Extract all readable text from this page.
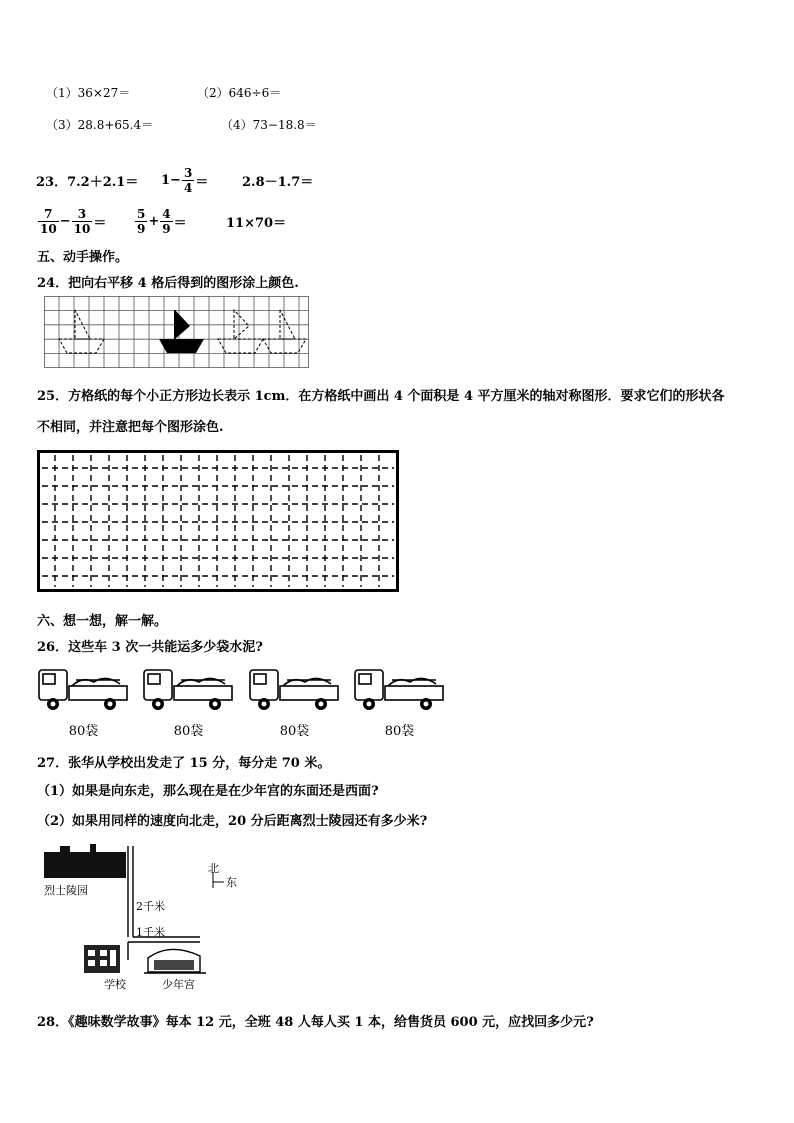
（1）36×27＝	（2）646÷6＝
（3）28.8+65.4＝	（4）73−18.8＝
23． $7.2+2.1= 1- \frac{3}{4}$ ＝	2.8－1.7＝
$\frac{7}{10} - \frac{3}{10} = \frac{5}{9} + \frac{4}{9}$ ＝	11×70＝
五、动手操作。
24．把向右平移 4 格后得到的图形涂上颜色.
25．方格纸的每个小正方形边长表示 1cm．在方格纸中画出 4 个面积是 4 平方厘米的轴对称图形．要求它们的形状各
不相同，并注意把每个图形涂色.
六、想一想，解一解。
26．这些车 3 次一共能运多少袋水泥?
80袋	80袋	80袋	80袋
27．张华从学校出发走了 15 分，每分走 70 米。
（1）如果是向东走，那么现在是在少年宫的东面还是西面?
（2）如果用同样的速度向北走，20 分后距离烈士陵园还有多少米?
烈士陵园
2千米
1千米
学校	少年宫
北
东
28．《趣味数学故事》每本 12 元，全班 48 人每人买 1 本，给售货员 600 元，应找回多少元?
